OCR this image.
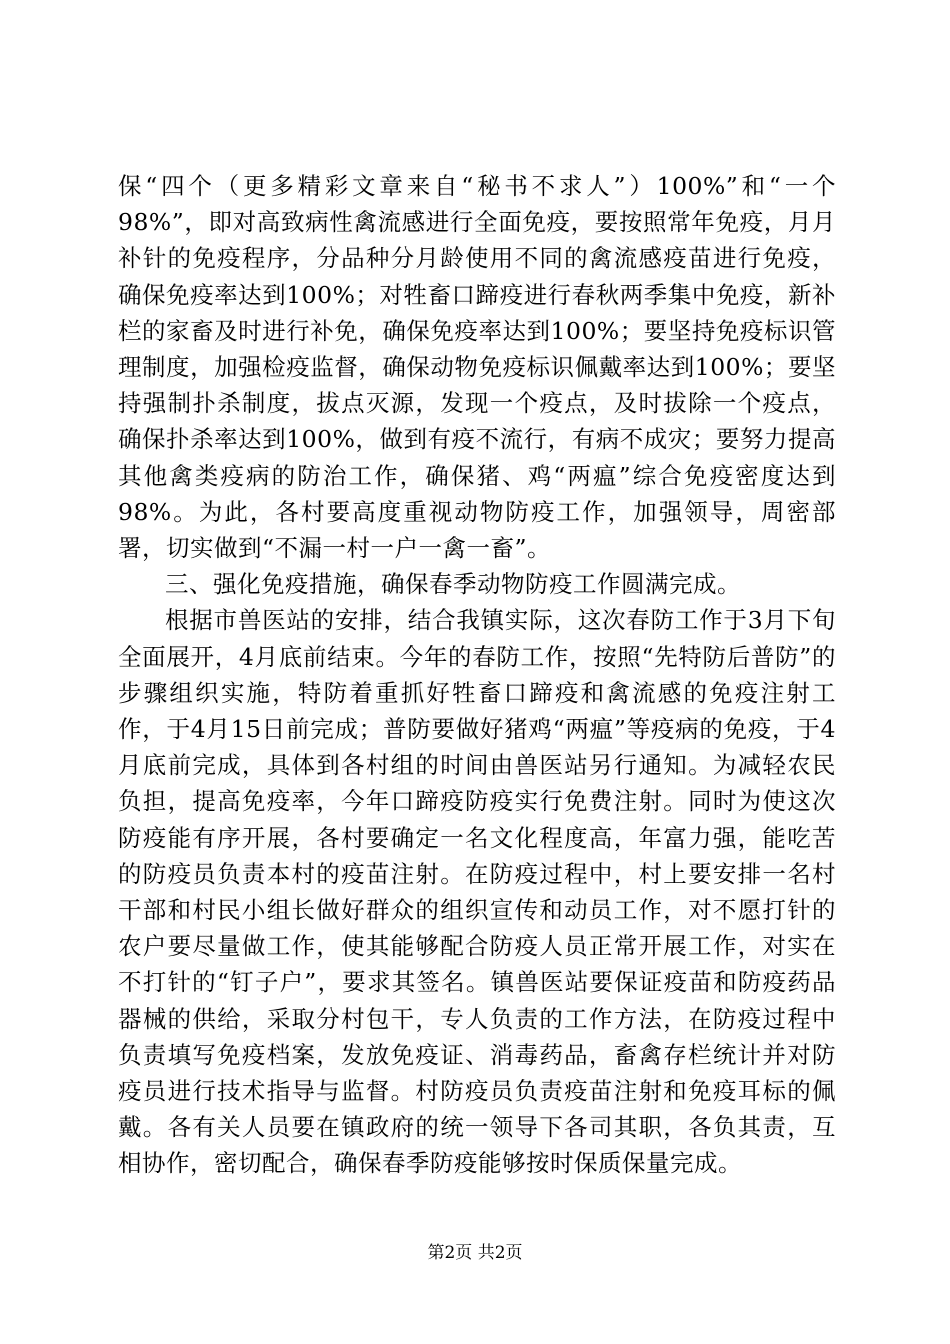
保“四个（更多精彩文章来自“秘书不求人”）100%”和“一个98%”，即对高致病性禽流感进行全面免疫，要按照常年免疫，月月补针的免疫程序，分品种分月龄使用不同的禽流感疫苗进行免疫，确保免疫率达到100%；对牲畜口蹄疫进行春秋两季集中免疫，新补栏的家畜及时进行补免，确保免疫率达到100%；要坚持免疫标识管理制度，加强检疫监督，确保动物免疫标识佩戴率达到100%；要坚持强制扑杀制度，拔点灭源，发现一个疫点，及时拔除一个疫点，确保扑杀率达到100%，做到有疫不流行，有病不成灾；要努力提高其他禽类疫病的防治工作，确保猪、鸡“两瘟”综合免疫密度达到98%。为此，各村要高度重视动物防疫工作，加强领导，周密部署，切实做到“不漏一村一户一禽一畜”。

三、强化免疫措施，确保春季动物防疫工作圆满完成。

根据市兽医站的安排，结合我镇实际，这次春防工作于3月下旬全面展开，4月底前结束。今年的春防工作，按照“先特防后普防”的步骤组织实施，特防着重抓好牲畜口蹄疫和禽流感的免疫注射工作，于4月15日前完成；普防要做好猪鸡“两瘟”等疫病的免疫，于4月底前完成，具体到各村组的时间由兽医站另行通知。为减轻农民负担，提高免疫率，今年口蹄疫防疫实行免费注射。同时为使这次防疫能有序开展，各村要确定一名文化程度高，年富力强，能吃苦的防疫员负责本村的疫苗注射。在防疫过程中，村上要安排一名村干部和村民小组长做好群众的组织宣传和动员工作，对不愿打针的农户要尽量做工作，使其能够配合防疫人员正常开展工作，对实在不打针的“钉子户”，要求其签名。镇兽医站要保证疫苗和防疫药品器械的供给，采取分村包干，专人负责的工作方法，在防疫过程中负责填写免疫档案，发放免疫证、消毒药品，畜禽存栏统计并对防疫员进行技术指导与监督。村防疫员负责疫苗注射和免疫耳标的佩戴。各有关人员要在镇政府的统一领导下各司其职，各负其责，互相协作，密切配合，确保春季防疫能够按时保质保量完成。

第2页 共2页
